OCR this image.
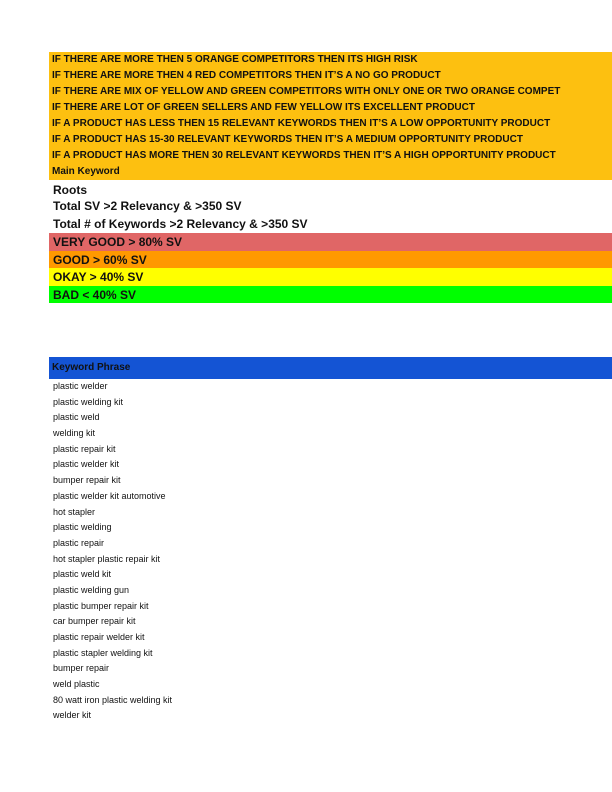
IF THERE ARE MORE THEN 5 ORANGE COMPETITORS THEN ITS HIGH RISK
IF THERE ARE MORE THEN 4 RED COMPETITORS THEN IT’S A NO GO PRODUCT
IF THERE ARE MIX OF YELLOW AND GREEN COMPETITORS WITH ONLY ONE OR TWO ORANGE COMPET
IF THERE ARE LOT OF GREEN SELLERS AND FEW YELLOW ITS EXCELLENT PRODUCT
IF A PRODUCT HAS LESS THEN 15 RELEVANT KEYWORDS THEN IT’S A LOW OPPORTUNITY PRODUCT
IF A PRODUCT HAS 15-30 RELEVANT KEYWORDS THEN IT’S A MEDIUM OPPORTUNITY PRODUCT
IF A PRODUCT HAS MORE THEN 30 RELEVANT KEYWORDS THEN IT’S A HIGH OPPORTUNITY PRODUCT
Main Keyword
Roots
Total SV >2 Relevancy & >350 SV
Total # of Keywords >2 Relevancy & >350 SV
VERY GOOD > 80% SV
GOOD > 60% SV
OKAY > 40% SV
BAD < 40% SV
Keyword Phrase
plastic welder
plastic welding kit
plastic weld
welding kit
plastic repair kit
plastic welder kit
bumper repair kit
plastic welder kit automotive
hot stapler
plastic welding
plastic repair
hot stapler plastic repair kit
plastic weld kit
plastic welding gun
plastic bumper repair kit
car bumper repair kit
plastic repair welder kit
plastic stapler welding kit
bumper repair
weld plastic
80 watt iron plastic welding kit
welder kit
